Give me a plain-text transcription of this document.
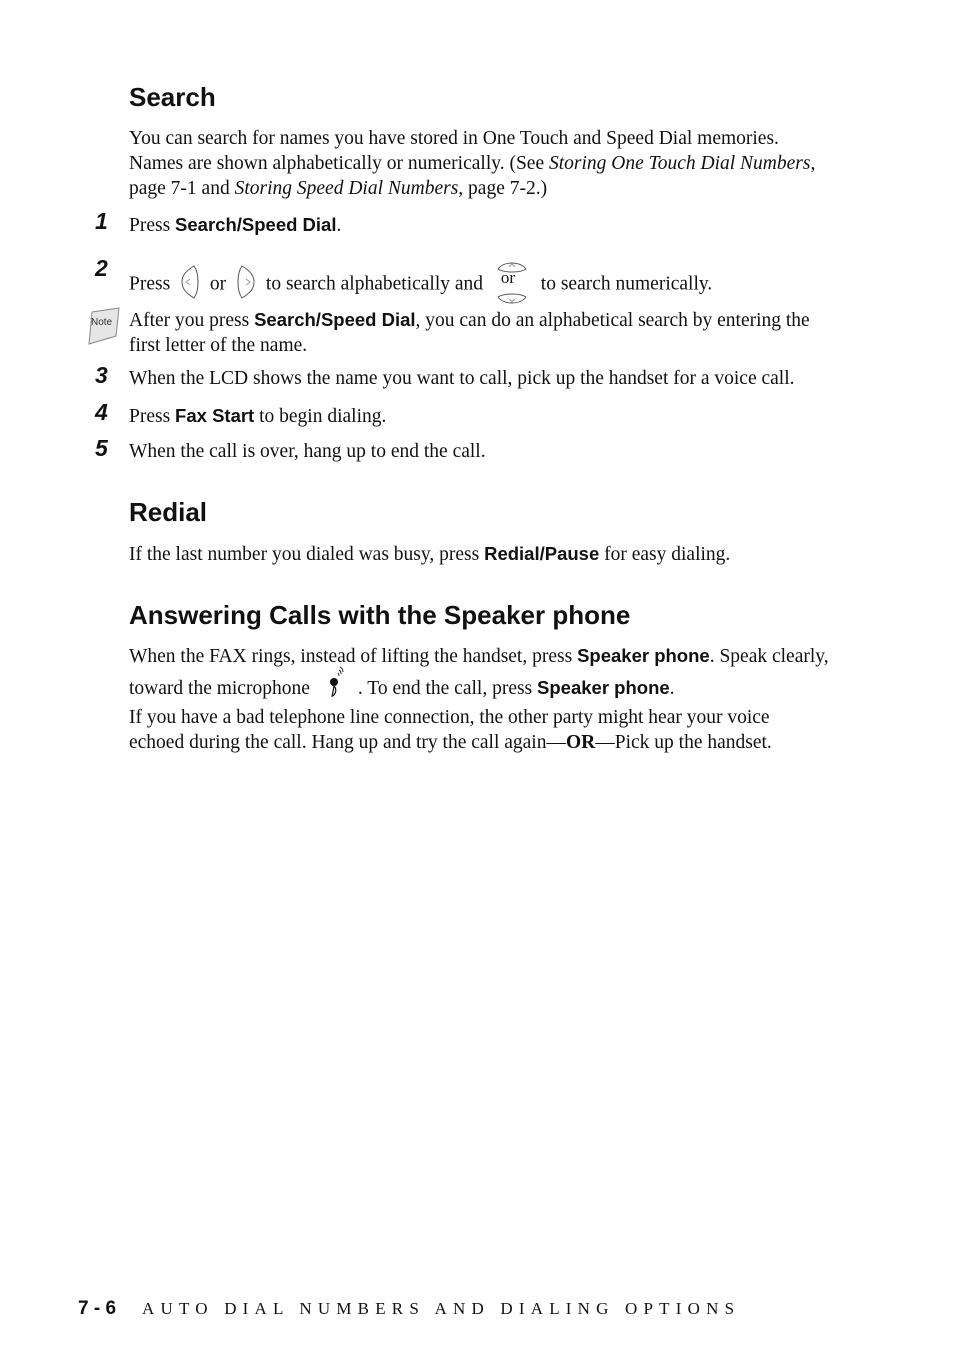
Search

You can search for names you have stored in One Touch and Speed Dial memories. Names are shown alphabetically or numerically. (See Storing One Touch Dial Numbers, page 7-1 and Storing Speed Dial Numbers, page 7-2.)

1 Press Search/Speed Dial.
2
Press or to search alphabetically and or to search numerically.
Note After you press Search/Speed Dial, you can do an alphabetical search by entering the first letter of the name.
3 When the LCD shows the name you want to call, pick up the handset for a voice call.
4 Press Fax Start to begin dialing.
5 When the call is over, hang up to end the call.
Redial

If the last number you dialed was busy, press Redial/Pause for easy dialing.

Answering Calls with the Speaker phone

When the FAX rings, instead of lifting the handset, press Speaker phone. Speak clearly, toward the microphone . To end the call, press Speaker phone.

If you have a bad telephone line connection, the other party might hear your voice echoed during the call. Hang up and try the call again—OR—Pick up the handset.

7 - 6 AUTO DIAL NUMBERS AND DIALING OPTIONS
